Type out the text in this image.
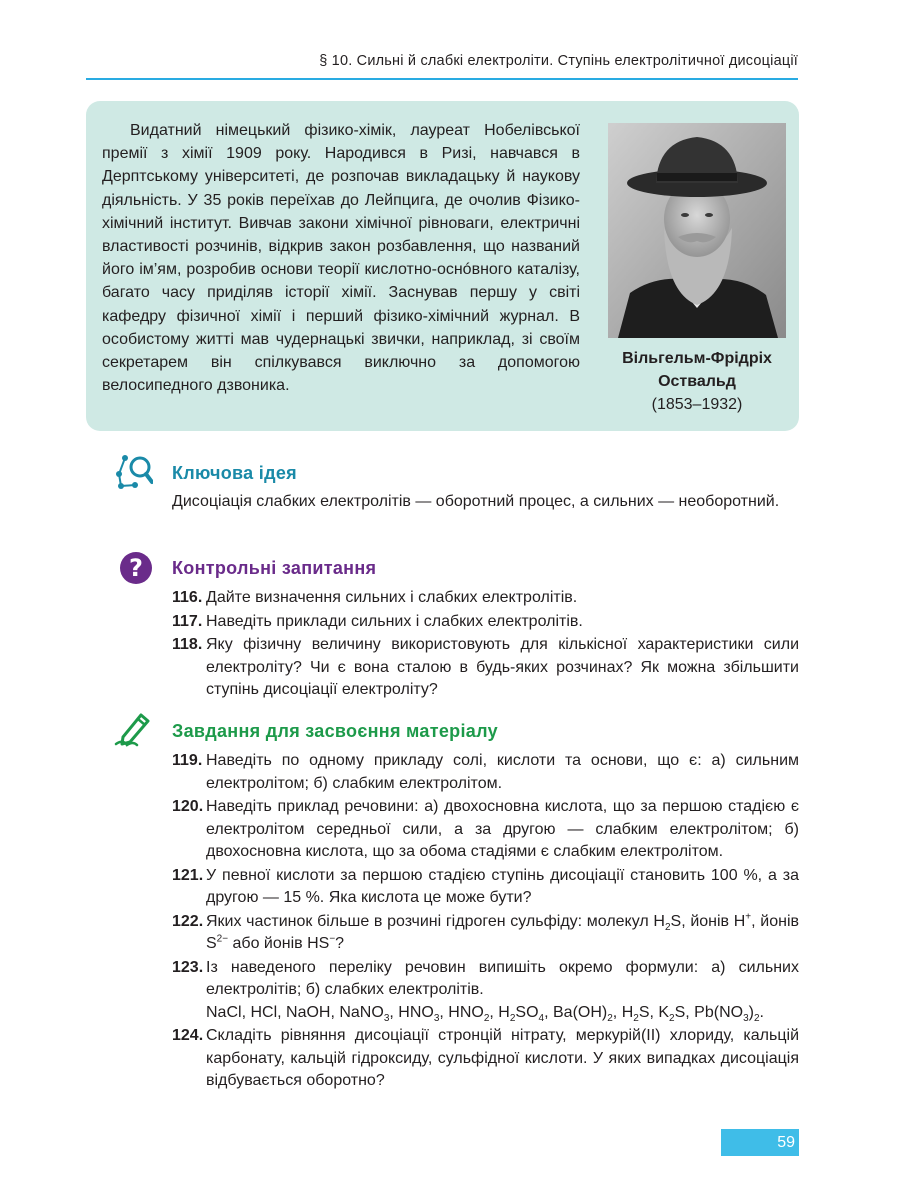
§ 10. Сильні й слабкі електроліти. Ступінь електролітичної дисоціації

Видатний німецький фізико-хімік, лауреат Нобелівської премії з хімії 1909 року. Народився в Ризі, навчався в Дерптському університеті, де розпочав викладацьку й наукову діяльність. У 35 років переїхав до Лейпцига, де очолив Фізико-хімічний інститут. Вивчав закони хімічної рівноваги, електричні властивості розчинів, відкрив закон розбавлення, що названий його ім’ям, розробив основи теорії кислотно-оснóвного каталізу, багато часу приділяв історії хімії. Заснував першу у світі кафедру фізичної хімії і перший фізико-хімічний журнал. В особистому житті мав чудернацькі звички, наприклад, зі своїм секретарем він спілкувався виключно за допомогою велосипедного дзвоника.

Вільгельм-Фрідріх
Оствальд
(1853–1932)
Ключова ідея
Дисоціація слабких електролітів — оборотний процес, а сильних — необоротний.
? Контрольні запитання
116. Дайте визначення сильних і слабких електролітів.
117. Наведіть приклади сильних і слабких електролітів.
118. Яку фізичну величину використовують для кількісної характеристики сили електроліту? Чи є вона сталою в будь-яких розчинах? Як можна збільшити ступінь дисоціації електроліту?
Завдання для засвоєння матеріалу
119. Наведіть по одному прикладу солі, кислоти та основи, що є: а) сильним електролітом; б) слабким електролітом.
120. Наведіть приклад речовини: а) двохосновна кислота, що за першою стадією є електролітом середньої сили, а за другою — слабким електролітом; б) двохосновна кислота, що за обома стадіями є слабким електролітом.
121. У певної кислоти за першою стадією ступінь дисоціації становить 100 %, а за другою — 15 %. Яка кислота це може бути?
122. Яких частинок більше в розчині гідроген сульфіду: молекул $H_2S$, йонів H+, йонів $S^{2-}$ або йонів HS−?
123. Із наведеного переліку речовин випишіть окремо формули: а) сильних електролітів; б) слабких електролітів.
NaCl, HCl, NaOH, NaNO$_3$, $HNO_3$, $HNO_2$, $H_2SO_4$, $Ba(OH)_2$, $H_2S$, $K_2S$, $Pb(NO_3)_2$.
124. Складіть рівняння дисоціації стронцій нітрату, меркурій(ІІ) хлориду, кальцій карбонату, кальцій гідроксиду, сульфідної кислоти. У яких випадках дисоціація відбувається оборотно?
59
